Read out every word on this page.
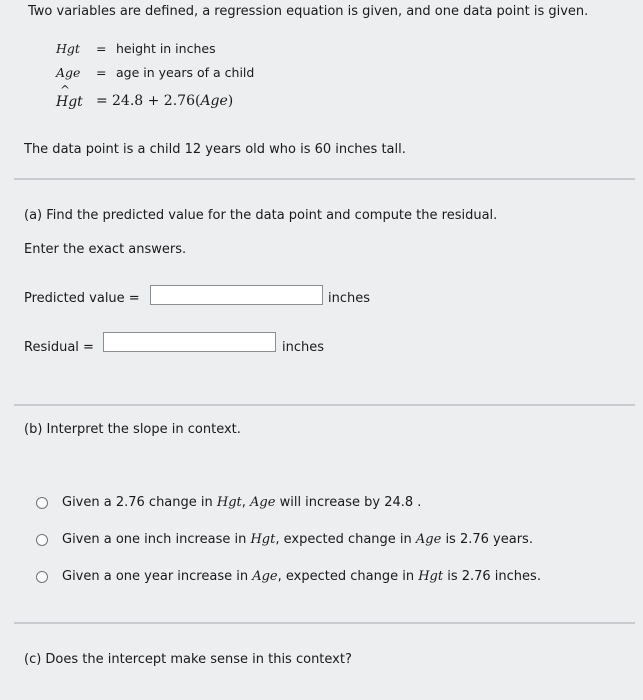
Two variables are defined, a regression equation is given, and one data point is given.
Hgt = height in inches
Age = age in years of a child
^ Hgt = 24.8 + 2.76(Age)
The data point is a child 12 years old who is 60 inches tall.
(a) Find the predicted value for the data point and compute the residual.
Enter the exact answers.
Predicted value =	inches
Residual =	inches
(b) Interpret the slope in context.
Given a 2.76 change in Hgt, Age will increase by 24.8 .
Given a one inch increase in Hgt, expected change in Age is 2.76 years.
Given a one year increase in Age, expected change in Hgt is 2.76 inches.
(c) Does the intercept make sense in this context?
